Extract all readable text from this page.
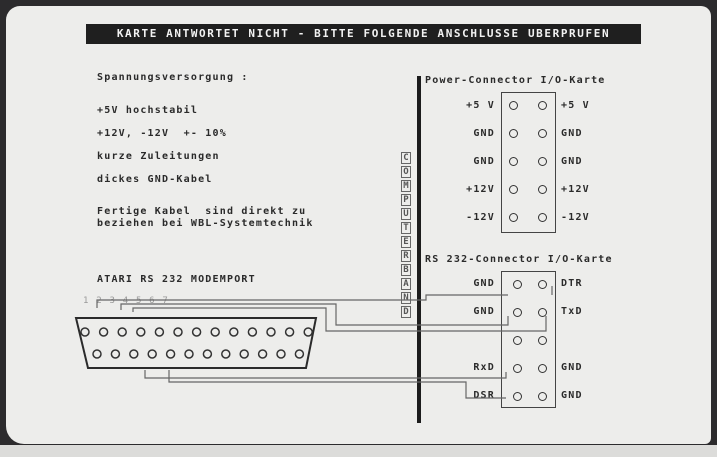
KARTE ANTWORTET NICHT - BITTE FOLGENDE ANSCHLUSSE UBERPRUFEN
Spannungsversorgung :
+5V hochstabil
+12V, -12V  +- 10%
kurze Zuleitungen
dickes GND-Kabel
Fertige Kabel  sind direkt zu
beziehen bei WBL-Systemtechnik
ATARI RS 232 MODEMPORT
1 2 3 4 5 6 7
C
O
M
P
U
T
E
R
B
A
N
D
Power-Connector I/O-Karte
+5 V	+5 V
GND	GND
GND	GND
+12V	+12V
-12V	-12V
RS 232-Connector I/O-Karte
GND	DTR
GND	TxD
RxD	GND
DSR	GND
